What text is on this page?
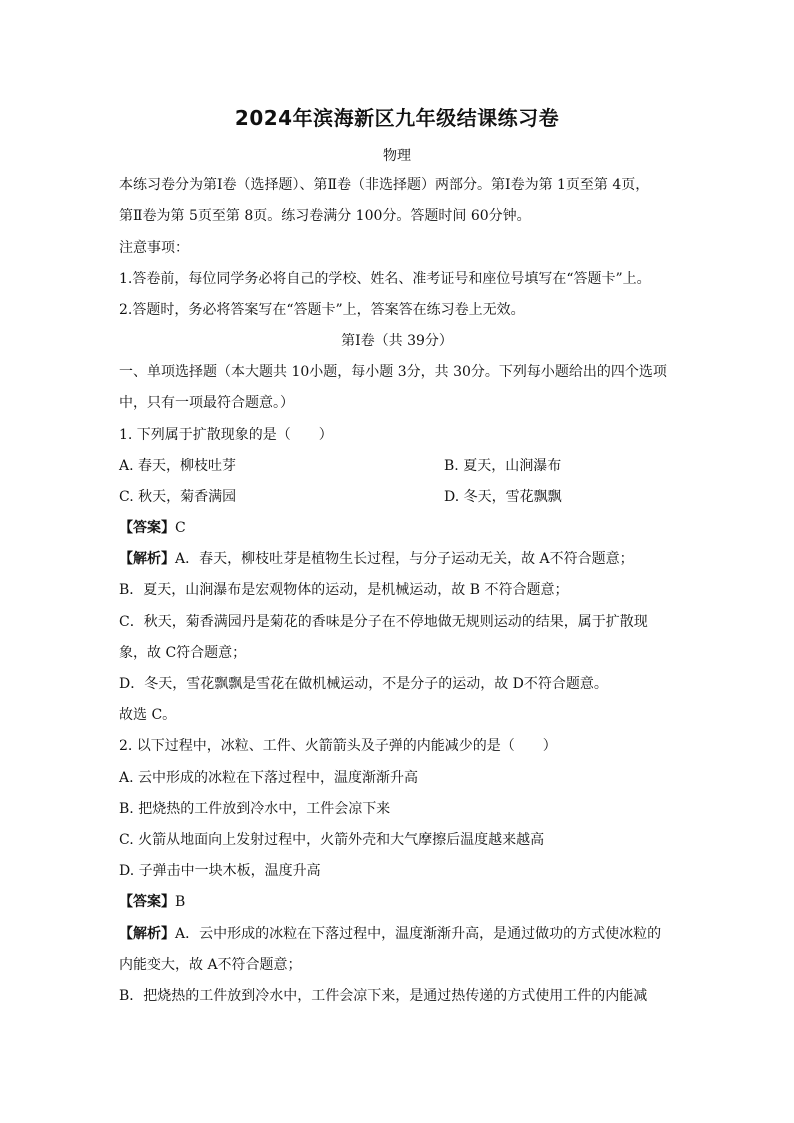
2024年滨海新区九年级结课练习卷
物理
本练习卷分为第Ⅰ卷（选择题）、第Ⅱ卷（非选择题）两部分。第Ⅰ卷为第 1页至第 4页，
第Ⅱ卷为第 5页至第 8页。练习卷满分 100分。答题时间 60分钟。
注意事项：
1.答卷前，每位同学务必将自己的学校、姓名、准考证号和座位号填写在“答题卡”上。
2.答题时，务必将答案写在“答题卡”上，答案答在练习卷上无效。
第Ⅰ卷（共 39分）
一、单项选择题（本大题共 10小题，每小题 3分，共 30分。下列每小题给出的四个选项
中，只有一项最符合题意。）
1. 下列属于扩散现象的是（　　）
A. 春天，柳枝吐芽	B. 夏天，山涧瀑布
C. 秋天，菊香满园	D. 冬天，雪花飘飘
【答案】C
【解析】A．春天，柳枝吐芽是植物生长过程，与分子运动无关，故 A不符合题意；
B．夏天，山涧瀑布是宏观物体的运动，是机械运动，故 B 不符合题意；
C．秋天，菊香满园丹是菊花的香味是分子在不停地做无规则运动的结果，属于扩散现
象，故 C符合题意；
D．冬天，雪花飘飘是雪花在做机械运动，不是分子的运动，故 D不符合题意。
故选 C。
2. 以下过程中，冰粒、工件、火箭箭头及子弹的内能减少的是（　　）
A. 云中形成的冰粒在下落过程中，温度渐渐升高
B. 把烧热的工件放到冷水中，工件会凉下来
C. 火箭从地面向上发射过程中，火箭外壳和大气摩擦后温度越来越高
D. 子弹击中一块木板，温度升高
【答案】B
【解析】A．云中形成的冰粒在下落过程中，温度渐渐升高，是通过做功的方式使冰粒的
内能变大，故 A不符合题意；
B．把烧热的工件放到冷水中，工件会凉下来，是通过热传递的方式使用工件的内能减
